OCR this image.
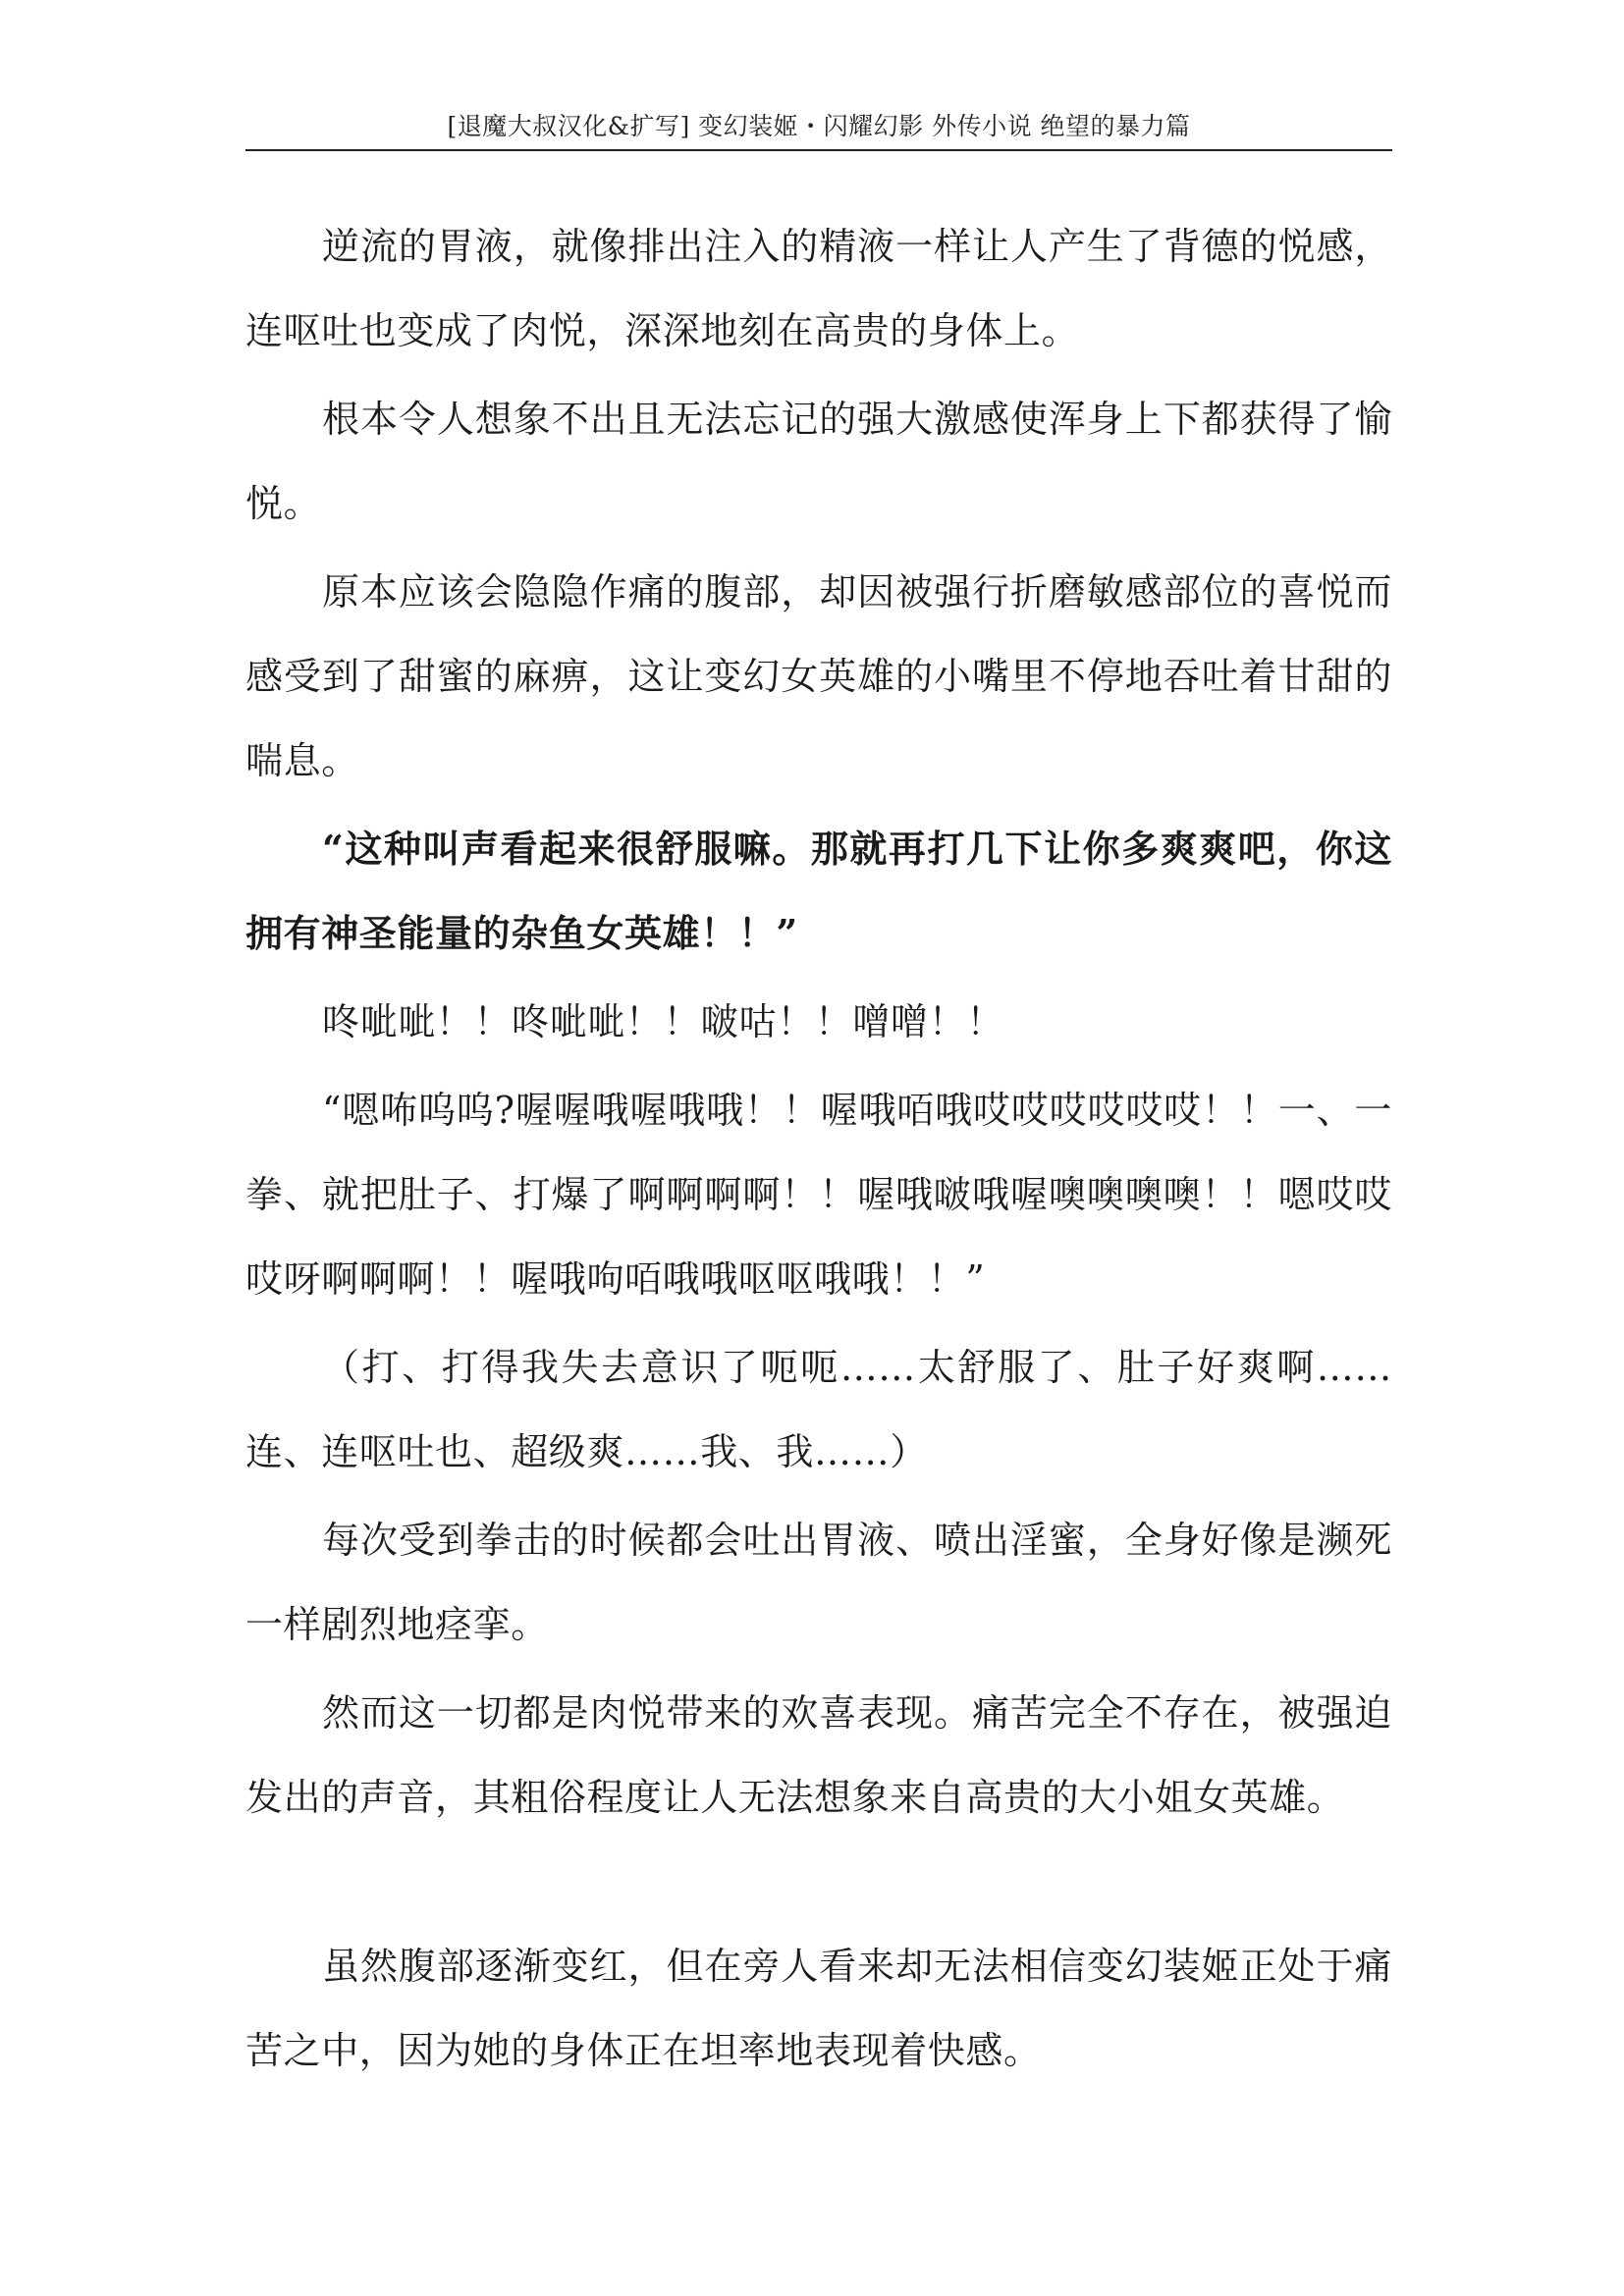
[退魔大叔汉化&扩写] 变幻装姬・闪耀幻影 外传小说 绝望的暴力篇

逆流的胃液，就像排出注入的精液一样让人产生了背德的悦感，连呕吐也变成了肉悦，深深地刻在高贵的身体上。

根本令人想象不出且无法忘记的强大激感使浑身上下都获得了愉悦。

原本应该会隐隐作痛的腹部，却因被强行折磨敏感部位的喜悦而感受到了甜蜜的麻痹，这让变幻女英雄的小嘴里不停地吞吐着甘甜的喘息。

“这种叫声看起来很舒服嘛。那就再打几下让你多爽爽吧，你这拥有神圣能量的杂鱼女英雄！！”

咚呲呲！！咚呲呲！！啵咕！！噌噌！！

“嗯咘呜呜?喔喔哦喔哦哦！！喔哦咟哦哎哎哎哎哎哎！！一、一拳、就把肚子、打爆了啊啊啊啊！！喔哦啵哦喔噢噢噢噢！！嗯哎哎哎呀啊啊啊！！喔哦呴咟哦哦呕呕哦哦！！”

（打、打得我失去意识了呃呃……太舒服了、肚子好爽啊……连、连呕吐也、超级爽……我、我……）

每次受到拳击的时候都会吐出胃液、喷出淫蜜，全身好像是濒死一样剧烈地痉挛。

然而这一切都是肉悦带来的欢喜表现。痛苦完全不存在，被强迫发出的声音，其粗俗程度让人无法想象来自高贵的大小姐女英雄。

虽然腹部逐渐变红，但在旁人看来却无法相信变幻装姬正处于痛苦之中，因为她的身体正在坦率地表现着快感。
